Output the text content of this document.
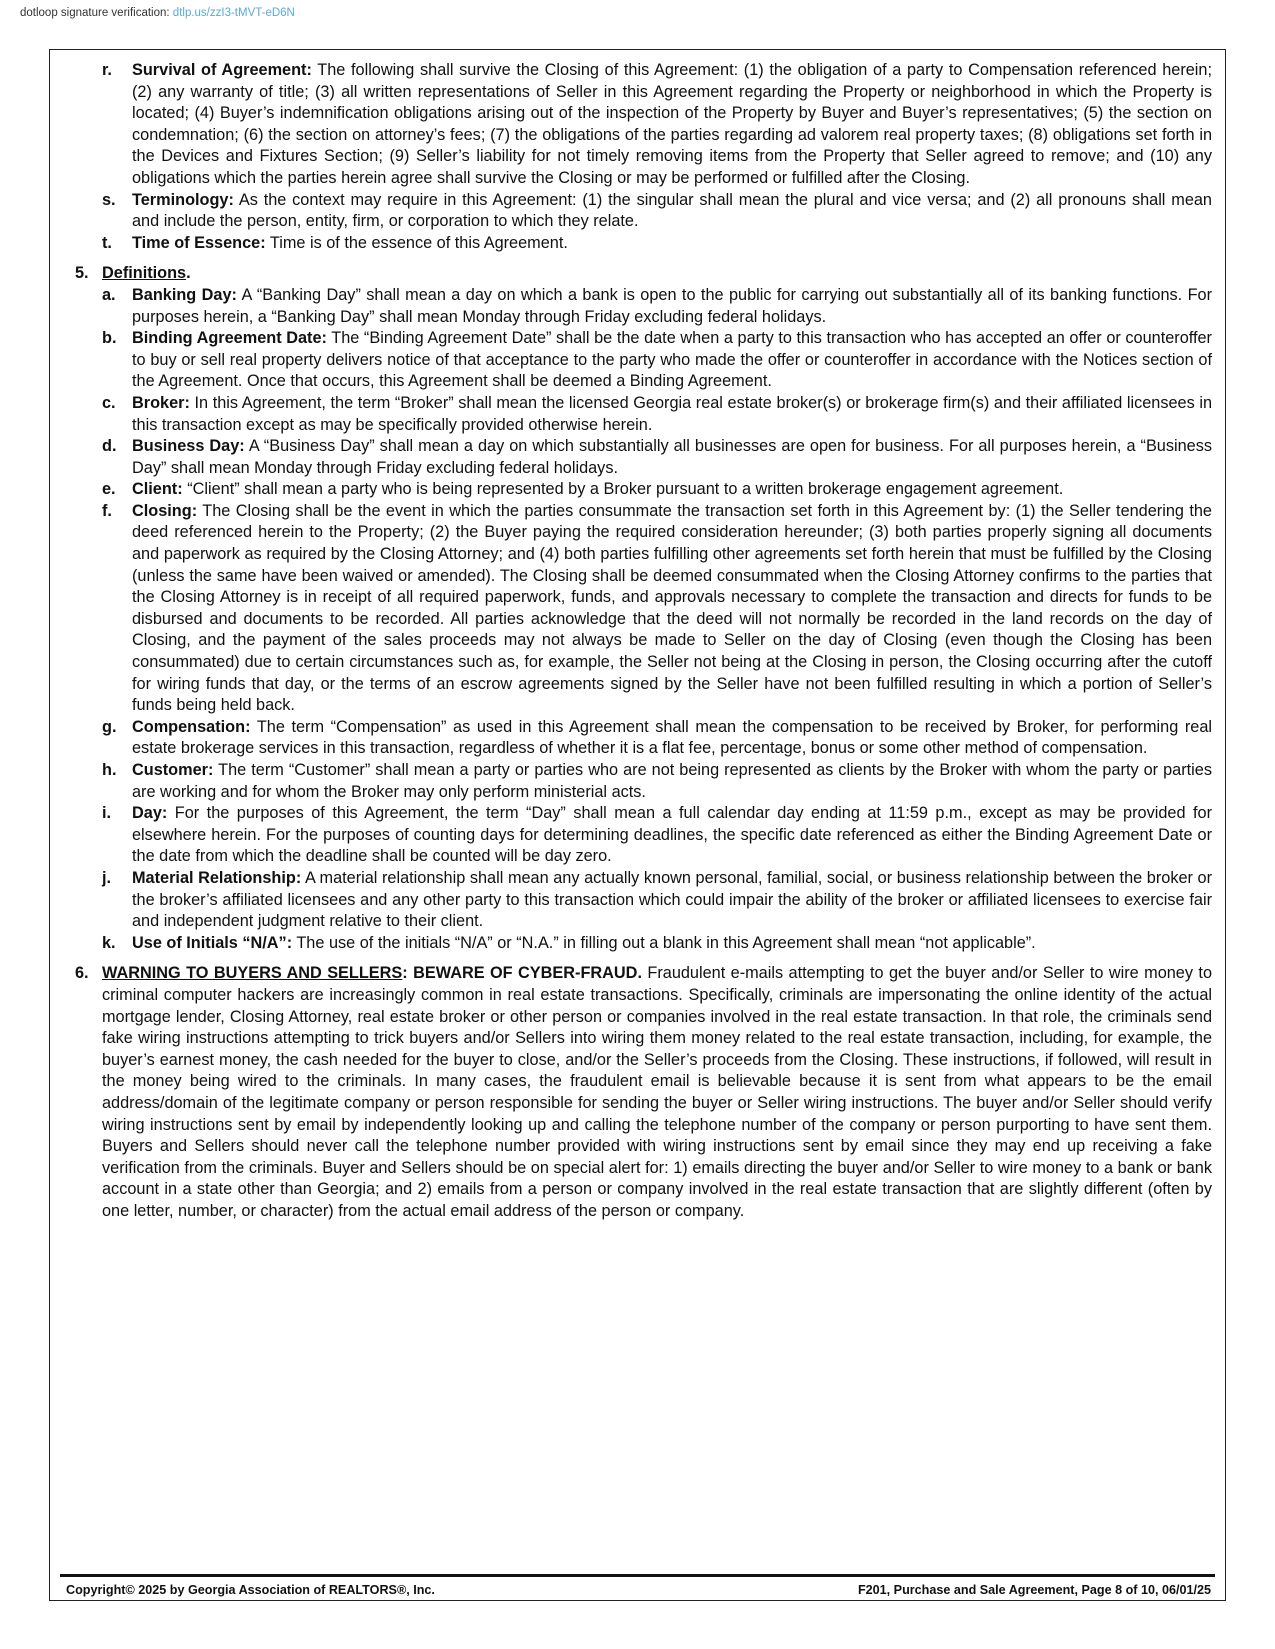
dotloop signature verification: dtlp.us/zzI3-tMVT-eD6N
r.	Survival of Agreement: The following shall survive the Closing of this Agreement: (1) the obligation of a party to Compensation referenced herein; (2) any warranty of title; (3) all written representations of Seller in this Agreement regarding the Property or neighborhood in which the Property is located; (4) Buyer’s indemnification obligations arising out of the inspection of the Property by Buyer and Buyer’s representatives; (5) the section on condemnation; (6) the section on attorney’s fees; (7) the obligations of the parties regarding ad valorem real property taxes; (8) obligations set forth in the Devices and Fixtures Section; (9) Seller’s liability for not timely removing items from the Property that Seller agreed to remove; and (10) any obligations which the parties herein agree shall survive the Closing or may be performed or fulfilled after the Closing.
s.	Terminology: As the context may require in this Agreement: (1) the singular shall mean the plural and vice versa; and (2) all pronouns shall mean and include the person, entity, firm, or corporation to which they relate.
t.	Time of Essence: Time is of the essence of this Agreement.
5. Definitions.
a.	Banking Day: A “Banking Day” shall mean a day on which a bank is open to the public for carrying out substantially all of its banking functions. For purposes herein, a “Banking Day” shall mean Monday through Friday excluding federal holidays.
b. Binding Agreement Date: The “Binding Agreement Date” shall be the date when a party to this transaction who has accepted an offer or counteroffer to buy or sell real property delivers notice of that acceptance to the party who made the offer or counteroffer in accordance with the Notices section of the Agreement. Once that occurs, this Agreement shall be deemed a Binding Agreement.
c.	Broker: In this Agreement, the term “Broker” shall mean the licensed Georgia real estate broker(s) or brokerage firm(s) and their affiliated licensees in this transaction except as may be specifically provided otherwise herein.
d. Business Day: A “Business Day” shall mean a day on which substantially all businesses are open for business. For all purposes herein, a “Business Day” shall mean Monday through Friday excluding federal holidays.
e.	Client: “Client” shall mean a party who is being represented by a Broker pursuant to a written brokerage engagement agreement.
f.	Closing: The Closing shall be the event in which the parties consummate the transaction set forth in this Agreement by: (1) the Seller tendering the deed referenced herein to the Property; (2) the Buyer paying the required consideration hereunder; (3) both parties properly signing all documents and paperwork as required by the Closing Attorney; and (4) both parties fulfilling other agreements set forth herein that must be fulfilled by the Closing (unless the same have been waived or amended). The Closing shall be deemed consummated when the Closing Attorney confirms to the parties that the Closing Attorney is in receipt of all required paperwork, funds, and approvals necessary to complete the transaction and directs for funds to be disbursed and documents to be recorded. All parties acknowledge that the deed will not normally be recorded in the land records on the day of Closing, and the payment of the sales proceeds may not always be made to Seller on the day of Closing (even though the Closing has been consummated) due to certain circumstances such as, for example, the Seller not being at the Closing in person, the Closing occurring after the cutoff for wiring funds that day, or the terms of an escrow agreements signed by the Seller have not been fulfilled resulting in which a portion of Seller’s funds being held back.
g. Compensation: The term “Compensation” as used in this Agreement shall mean the compensation to be received by Broker, for performing real estate brokerage services in this transaction, regardless of whether it is a flat fee, percentage, bonus or some other method of compensation.
h. Customer: The term “Customer” shall mean a party or parties who are not being represented as clients by the Broker with whom the party or parties are working and for whom the Broker may only perform ministerial acts.
i.	Day: For the purposes of this Agreement, the term “Day” shall mean a full calendar day ending at 11:59 p.m., except as may be provided for elsewhere herein. For the purposes of counting days for determining deadlines, the specific date referenced as either the Binding Agreement Date or the date from which the deadline shall be counted will be day zero.
j.	Material Relationship: A material relationship shall mean any actually known personal, familial, social, or business relationship between the broker or the broker’s affiliated licensees and any other party to this transaction which could impair the ability of the broker or affiliated licensees to exercise fair and independent judgment relative to their client.
k.	Use of Initials “N/A”: The use of the initials “N/A” or “N.A.” in filling out a blank in this Agreement shall mean “not applicable”.
6. WARNING TO BUYERS AND SELLERS: BEWARE OF CYBER-FRAUD. Fraudulent e-mails attempting to get the buyer and/or Seller to wire money to criminal computer hackers are increasingly common in real estate transactions. Specifically, criminals are impersonating the online identity of the actual mortgage lender, Closing Attorney, real estate broker or other person or companies involved in the real estate transaction. In that role, the criminals send fake wiring instructions attempting to trick buyers and/or Sellers into wiring them money related to the real estate transaction, including, for example, the buyer’s earnest money, the cash needed for the buyer to close, and/or the Seller’s proceeds from the Closing. These instructions, if followed, will result in the money being wired to the criminals. In many cases, the fraudulent email is believable because it is sent from what appears to be the email address/domain of the legitimate company or person responsible for sending the buyer or Seller wiring instructions. The buyer and/or Seller should verify wiring instructions sent by email by independently looking up and calling the telephone number of the company or person purporting to have sent them. Buyers and Sellers should never call the telephone number provided with wiring instructions sent by email since they may end up receiving a fake verification from the criminals. Buyer and Sellers should be on special alert for: 1) emails directing the buyer and/or Seller to wire money to a bank or bank account in a state other than Georgia; and 2) emails from a person or company involved in the real estate transaction that are slightly different (often by one letter, number, or character) from the actual email address of the person or company.
Copyright© 2025 by Georgia Association of REALTORS®, Inc.	F201, Purchase and Sale Agreement, Page 8 of 10, 06/01/25
